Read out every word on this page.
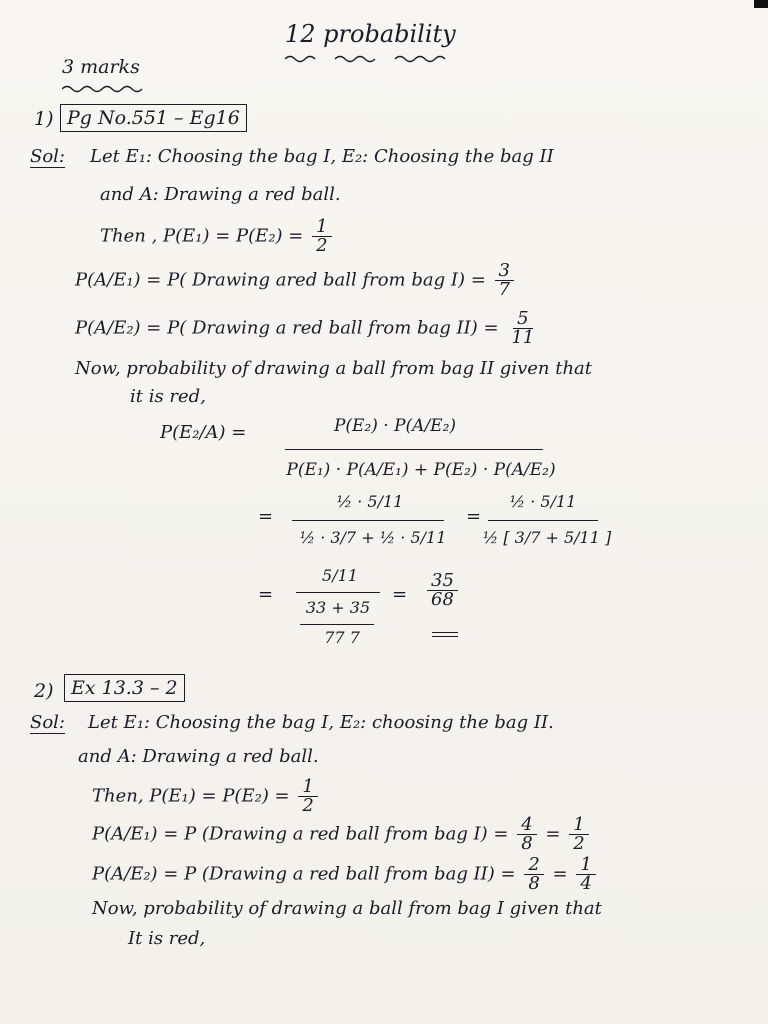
12 probability
3 marks
1) Pg No.551 – Eg16
Sol: Let E₁: Choosing the bag I, E₂: Choosing the bag II
and A: Drawing a red ball.
Then , $P(E_1) = P(E_2) = \frac{1}{2}$
P(A/E₁) = P( Drawing ared ball from bag $I) = \frac{3}{7}$
P(A/E₂) = P( Drawing a red ball from bag $II) = \frac{5}{11}$
Now, probability of drawing a ball from bag II given that
it is red,
P(E₂/A) =	P(E₂) · P(A/E₂)
P(E₁) · P(A/E₁) + P(E₂) · P(A/E₂)
=
½ · 5/11
½ · 3/7 + ½ · 5/11
=
½ · 5/11
½ [ 3/7 + 5/11 ]
=
5/11
33 + 35
77 7
= $\frac{35}{68}$
2) Ex 13.3 – 2
Sol: Let E₁: Choosing the bag I, E₂: choosing the bag II.
and A: Drawing a red ball.
Then, $P(E_1) = P(E_2) = \frac{1}{2}$
P(A/E₁) = P (Drawing a red ball from bag $I) = \frac{4}{8} = \frac{1}{2}$
P(A/E₂) = P (Drawing a red ball from bag $II) = \frac{2}{8} = \frac{1}{4}$
Now, probability of drawing a ball from bag I given that
It is red,
